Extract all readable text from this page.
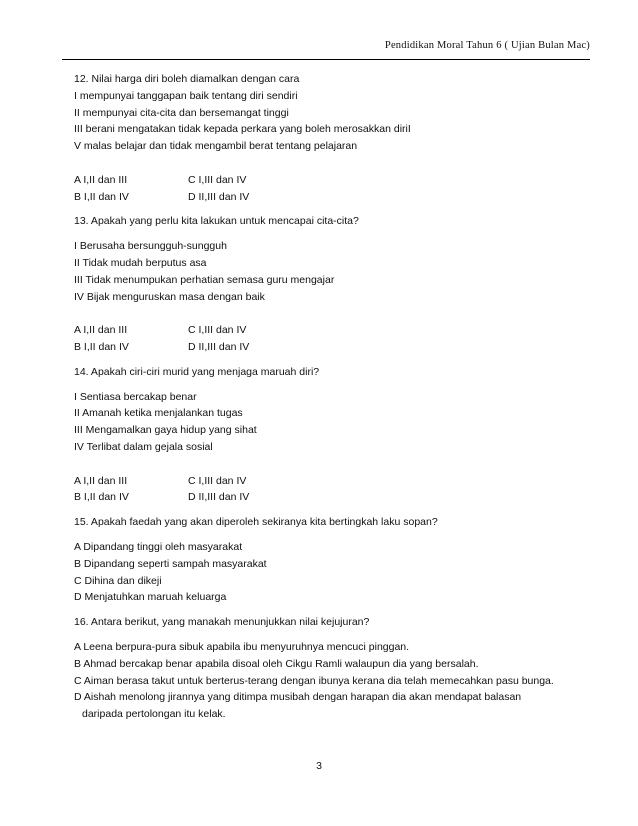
Pendidikan Moral Tahun 6 ( Ujian Bulan Mac)
12. Nilai harga diri boleh diamalkan dengan cara
I mempunyai tanggapan baik tentang diri sendiri
II mempunyai cita-cita dan bersemangat tinggi
III berani mengatakan tidak kepada perkara yang boleh merosakkan diriI
V malas belajar dan tidak mengambil berat tentang pelajaran
A I,II dan III	C I,III dan IV
B I,II dan IV	D II,III dan IV
13. Apakah yang perlu kita lakukan untuk mencapai cita-cita?
I Berusaha bersungguh-sungguh
II Tidak mudah berputus asa
III Tidak menumpukan perhatian semasa guru mengajar
IV Bijak menguruskan masa dengan baik
A I,II dan III	C I,III dan IV
B I,II dan IV	D II,III dan IV
14. Apakah ciri-ciri murid yang menjaga maruah diri?
I Sentiasa bercakap benar
II Amanah ketika menjalankan tugas
III Mengamalkan gaya hidup yang sihat
IV Terlibat dalam gejala sosial
A I,II dan III	C I,III dan IV
B I,II dan IV	D II,III dan IV
15. Apakah faedah yang akan diperoleh sekiranya kita bertingkah laku sopan?
A Dipandang tinggi oleh masyarakat
B Dipandang seperti sampah masyarakat
C Dihina dan dikeji
D Menjatuhkan maruah keluarga
16. Antara berikut, yang manakah menunjukkan nilai kejujuran?
A Leena berpura-pura sibuk apabila ibu menyuruhnya mencuci pinggan.
B Ahmad bercakap benar apabila disoal oleh Cikgu Ramli walaupun dia yang bersalah.
C Aiman berasa takut untuk berterus-terang dengan ibunya kerana dia telah memecahkan pasu bunga.
D Aishah menolong jirannya yang ditimpa musibah dengan harapan dia akan mendapat balasan
daripada pertolongan itu kelak.
3
